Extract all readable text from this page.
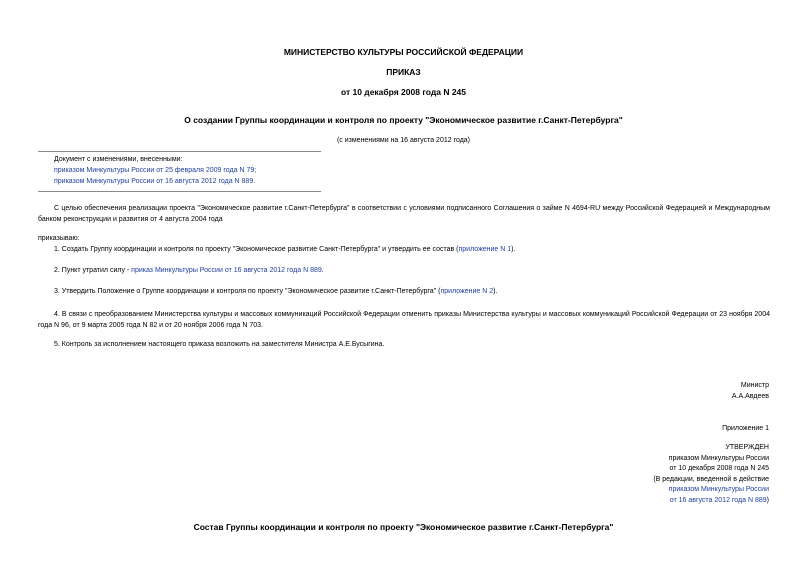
МИНИСТЕРСТВО КУЛЬТУРЫ РОССИЙСКОЙ ФЕДЕРАЦИИ
ПРИКАЗ
от 10 декабря 2008 года N 245
О создании Группы координации и контроля по проекту "Экономическое развитие г.Санкт-Петербурга"
(с изменениями на 16 августа 2012 года)
Документ с изменениями, внесенными:
приказом Минкультуры России от 25 февраля 2009 года N 79;
приказом Минкультуры России от 16 августа 2012 года N 889.
С целью обеспечения реализации проекта "Экономическое развитие г.Санкт-Петербурга" в соответствии с условиями подписанного Соглашения о займе N 4694-RU между Российской Федерацией и Международным банком реконструкции и развития от 4 августа 2004 года
приказываю:
1. Создать Группу координации и контроля по проекту "Экономическое развитие Санкт-Петербурга" и утвердить ее состав (приложение N 1).
2. Пункт утратил силу - приказ Минкультуры России от 16 августа 2012 года N 889.
3. Утвердить Положение о Группе координации и контроля по проекту "Экономическое развитие г.Санкт-Петербурга" (приложение N 2).
4. В связи с преобразованием Министерства культуры и массовых коммуникаций Российской Федерации отменить приказы Министерства культуры и массовых коммуникаций Российской Федерации от 23 ноября 2004 года N 96, от 9 марта 2005 года N 82 и от 20 ноября 2006 года N 703.
5. Контроль за исполнением настоящего приказа возложить на заместителя Министра А.Е.Бусыгина.
Министр
А.А.Авдеев
Приложение 1
УТВЕРЖДЕН
приказом Минкультуры России
от 10 декабря 2008 года N 245
(В редакции, введенной в действие
приказом Минкультуры России
от 16 августа 2012 года N 889)
Состав Группы координации и контроля по проекту "Экономическое развитие г.Санкт-Петербурга"
